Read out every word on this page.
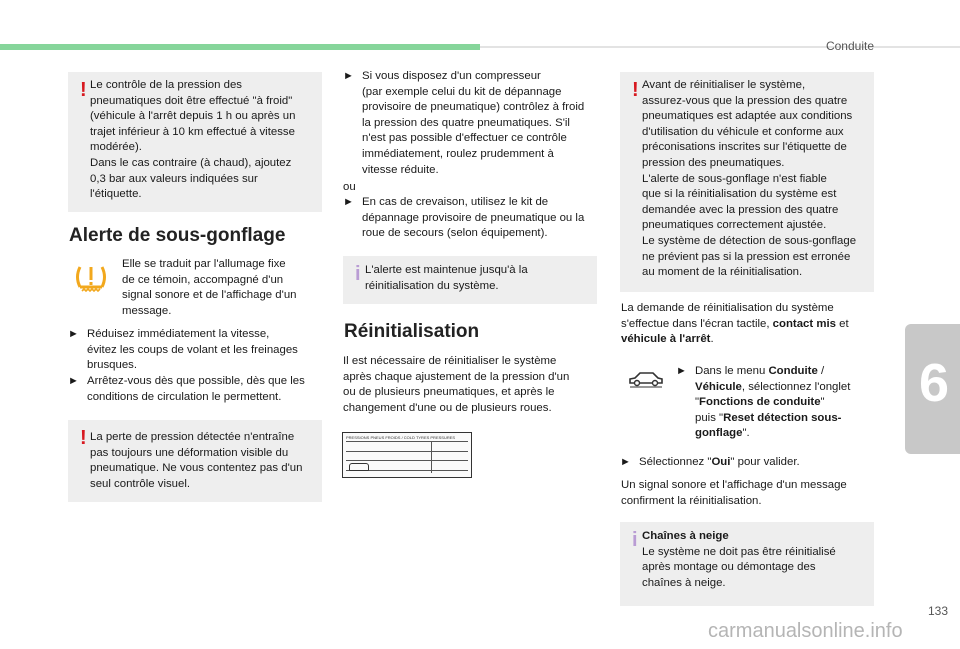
Conduite
6
133
! Le contrôle de la pression des
pneumatiques doit être effectué "à froid"
(véhicule à l'arrêt depuis 1 h ou après un
trajet inférieur à 10 km effectué à vitesse
modérée).
Dans le cas contraire (à chaud), ajoutez
0,3 bar aux valeurs indiquées sur
l'étiquette.
Alerte de sous-gonflage
Elle se traduit par l'allumage fixe
de ce témoin, accompagné d'un
signal sonore et de l'affichage d'un
message.
► Réduisez immédiatement la vitesse,
évitez les coups de volant et les freinages
brusques.
► Arrêtez-vous dès que possible, dès que les
conditions de circulation le permettent.
! La perte de pression détectée n'entraîne
pas toujours une déformation visible du
pneumatique. Ne vous contentez pas d'un
seul contrôle visuel.
► Si vous disposez d'un compresseur
(par exemple celui du kit de dépannage
provisoire de pneumatique) contrôlez à froid
la pression des quatre pneumatiques. S'il
n'est pas possible d'effectuer ce contrôle
immédiatement, roulez prudemment à
vitesse réduite.
ou
► En cas de crevaison, utilisez le kit de
dépannage provisoire de pneumatique ou la
roue de secours (selon équipement).
i L'alerte est maintenue jusqu'à la
réinitialisation du système.
Réinitialisation
Il est nécessaire de réinitialiser le système
après chaque ajustement de la pression d'un
ou de plusieurs pneumatiques, et après le
changement d'une ou de plusieurs roues.
PRESSIONS PNEUS FROIDS / COLD TYRES PRESSURES
! Avant de réinitialiser le système,
assurez-vous que la pression des quatre
pneumatiques est adaptée aux conditions
d'utilisation du véhicule et conforme aux
préconisations inscrites sur l'étiquette de
pression des pneumatiques.
L'alerte de sous-gonflage n'est fiable
que si la réinitialisation du système est
demandée avec la pression des quatre
pneumatiques correctement ajustée.
Le système de détection de sous-gonflage
ne prévient pas si la pression est erronée
au moment de la réinitialisation.
La demande de réinitialisation du système
s'effectue dans l'écran tactile, contact mis et
véhicule à l'arrêt.
► Dans le menu Conduite /
Véhicule, sélectionnez l'onglet
"Fonctions de conduite"
puis "Reset détection sous-
gonflage".
► Sélectionnez "Oui" pour valider.
Un signal sonore et l'affichage d'un message
confirment la réinitialisation.
i Chaînes à neige
Le système ne doit pas être réinitialisé
après montage ou démontage des
chaînes à neige.
carmanualsonline.info
